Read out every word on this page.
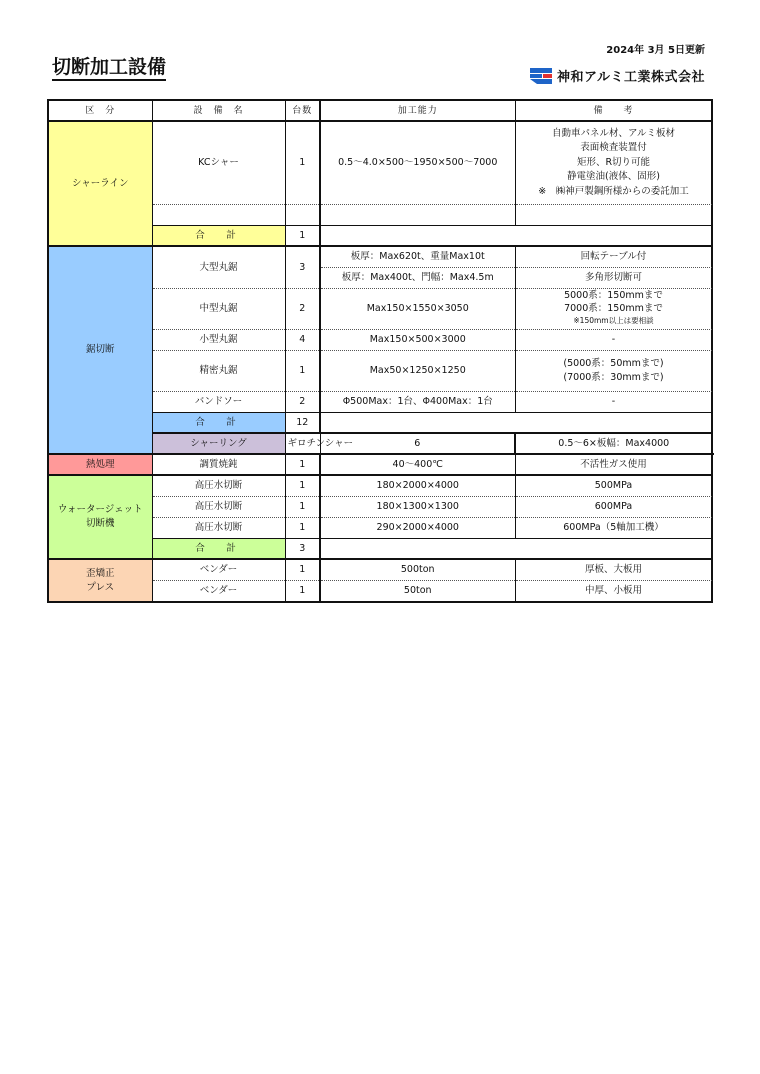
2024年 3月 5日更新
切断加工設備	神和アルミ工業株式会社
区　分	設　備　名	台数	加工能力	備　　考	
シャーライン	KCシャー	1	0.5～4.0×500～1950×500～7000	自動車パネル材、アルミ板材
表面検査装置付
矩形、R切り可能
静電塗油(液体、固形)
※　㈱神戸製鋼所様からの委託加工	

	合　計	1			
鋸切断	大型丸鋸	3	板厚：Max620t、重量Max10t	回転テーブル付	
			板厚：Max400t、門幅：Max4.5m	多角形切断可	
	中型丸鋸	2	Max150×1550×3050	5000系：150mmまで
7000系：150mmまで
※150mm以上は要相談	

	小型丸鋸	4	Max150×500×3000	-	
	精密丸鋸	1	Max50×1250×1250	(5000系：50mmまで)
(7000系：30mmまで)	

	バンドソー	2	Φ500Max：1台、Φ400Max：1台	-	
	合　計	12			
	シャーリング	ギロチンシャー	6	0.5～6×板幅：Max4000	
熱処理	調質焼鈍	1	40～400℃	不活性ガス使用	

ウォータージェット
切断機	高圧水切断	1	180×2000×4000	500MPa	
	高圧水切断	1	180×1300×1300	600MPa	
	高圧水切断	1	290×2000×4000	600MPa（5軸加工機）	
	合　計	3			

歪矯正
プレス	ベンダー	1	500ton	厚板、大板用	
	ベンダー	1	50ton	中厚、小板用	
